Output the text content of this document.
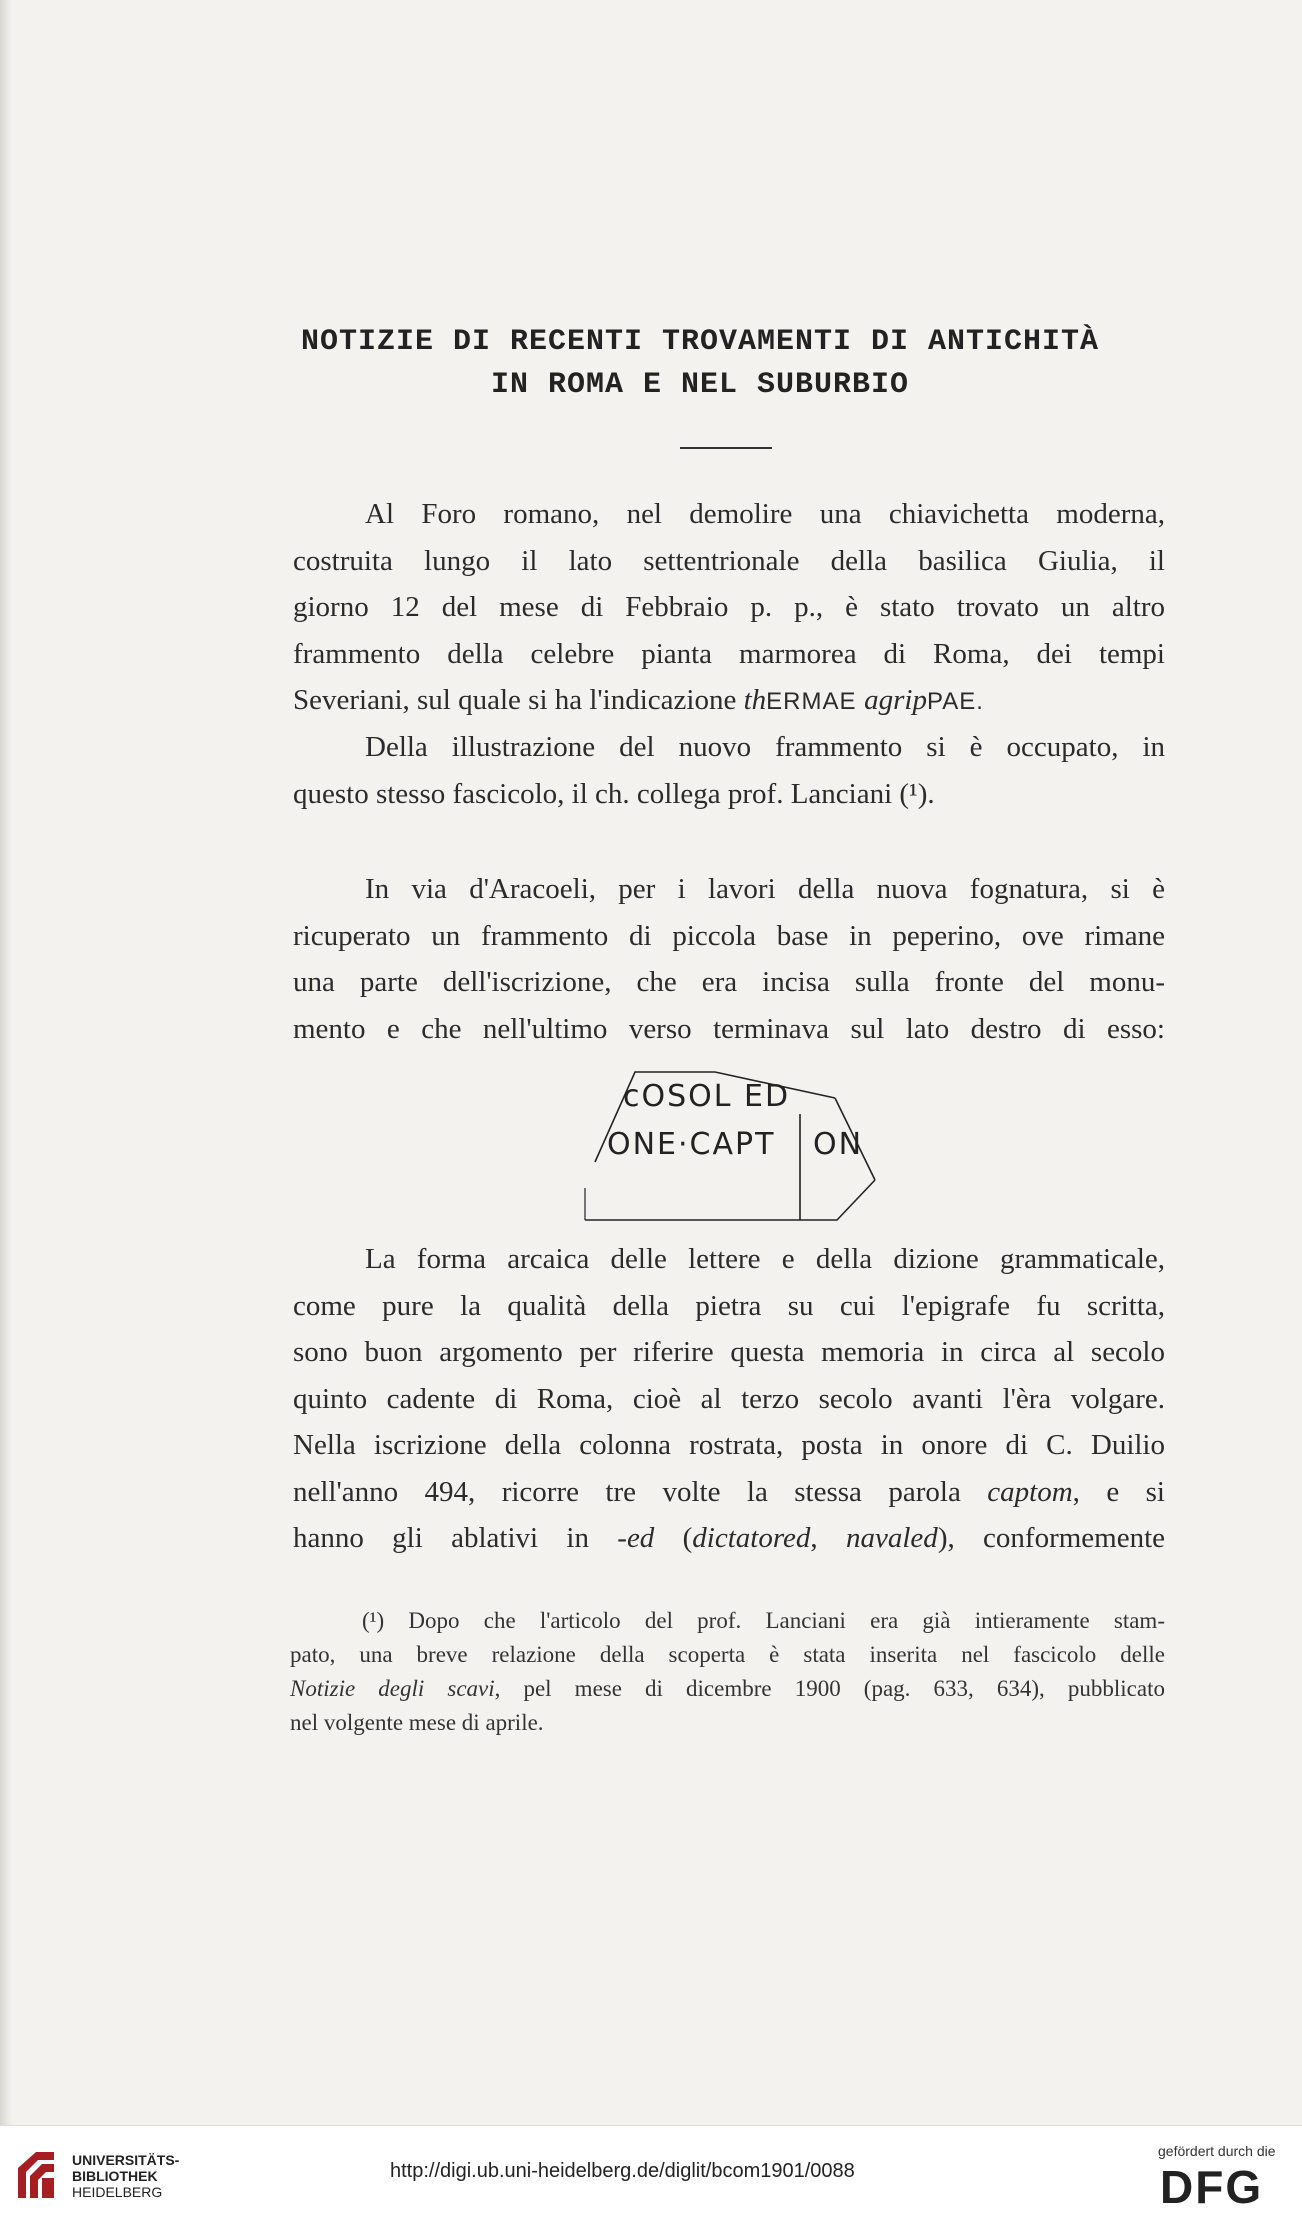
NOTIZIE DI RECENTI TROVAMENTI DI ANTICHITÀ
IN ROMA E NEL SUBURBIO
Al Foro romano, nel demolire una chiavichetta moderna,
costruita lungo il lato settentrionale della basilica Giulia, il
giorno 12 del mese di Febbraio p. p., è stato trovato un altro
frammento della celebre pianta marmorea di Roma, dei tempi
Severiani, sul quale si ha l'indicazione thERMAE agripPAE.
Della illustrazione del nuovo frammento si è occupato, in
questo stesso fascicolo, il ch. collega prof. Lanciani (¹).
In via d'Aracoeli, per i lavori della nuova fognatura, si è
ricuperato un frammento di piccola base in peperino, ove rimane
una parte dell'iscrizione, che era incisa sulla fronte del monu-
mento e che nell'ultimo verso terminava sul lato destro di esso:
cOSOL ED
ONE·CAPT ON
La forma arcaica delle lettere e della dizione grammaticale,
come pure la qualità della pietra su cui l'epigrafe fu scritta,
sono buon argomento per riferire questa memoria in circa al secolo
quinto cadente di Roma, cioè al terzo secolo avanti l'èra volgare.
Nella iscrizione della colonna rostrata, posta in onore di C. Duilio
nell'anno 494, ricorre tre volte la stessa parola captom, e si
hanno gli ablativi in -ed (dictatored, navaled), conformemente
(¹) Dopo che l'articolo del prof. Lanciani era già intieramente stam-
pato, una breve relazione della scoperta è stata inserita nel fascicolo delle
Notizie degli scavi, pel mese di dicembre 1900 (pag. 633, 634), pubblicato
nel volgente mese di aprile.
UNIVERSITÄTS-
BIBLIOTHEK
HEIDELBERG
http://digi.ub.uni-heidelberg.de/diglit/bcom1901/0088
gefördert durch die
DFG
